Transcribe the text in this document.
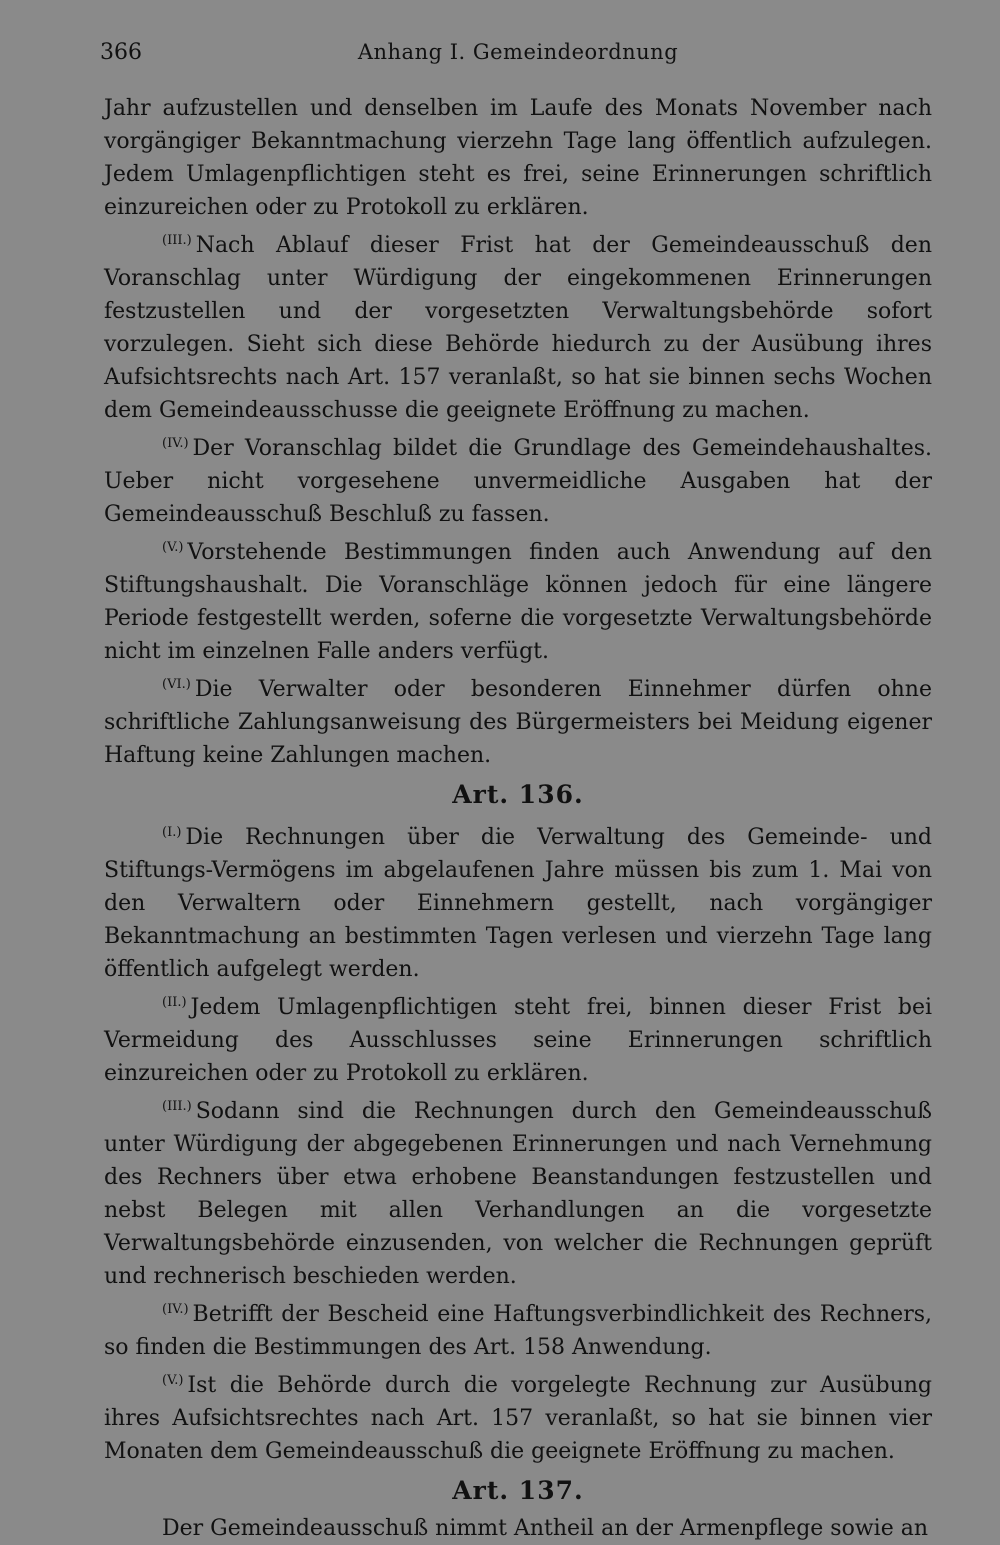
366	Anhang I. Gemeindeordnung

Jahr aufzustellen und denselben im Laufe des Monats November nach vorgängiger Bekanntmachung vierzehn Tage lang öffentlich aufzulegen. Jedem Umlagenpflichtigen steht es frei, seine Erinnerungen schriftlich einzureichen oder zu Protokoll zu erklären.

$^{(III.)}$ Nach Ablauf dieser Frist hat der Gemeindeausschuß den Voranschlag unter Würdigung der eingekommenen Erinnerungen festzustellen und der vorgesetzten Verwaltungsbehörde sofort vorzulegen. Sieht sich diese Behörde hiedurch zu der Ausübung ihres Aufsichtsrechts nach Art. 157 veranlaßt, so hat sie binnen sechs Wochen dem Gemeindeausschusse die geeignete Eröffnung zu machen.

$^{(IV.)}$ Der Voranschlag bildet die Grundlage des Gemeindehaushaltes. Ueber nicht vorgesehene unvermeidliche Ausgaben hat der Gemeindeausschuß Beschluß zu fassen.

$^{(V.)}$ Vorstehende Bestimmungen finden auch Anwendung auf den Stiftungshaushalt. Die Voranschläge können jedoch für eine längere Periode festgestellt werden, soferne die vorgesetzte Verwaltungsbehörde nicht im einzelnen Falle anders verfügt.

$^{(VI.)}$ Die Verwalter oder besonderen Einnehmer dürfen ohne schriftliche Zahlungsanweisung des Bürgermeisters bei Meidung eigener Haftung keine Zahlungen machen.

Art. 136.

$^{(I.)}$ Die Rechnungen über die Verwaltung des Gemeinde- und Stiftungs-Vermögens im abgelaufenen Jahre müssen bis zum 1. Mai von den Verwaltern oder Einnehmern gestellt, nach vorgängiger Bekanntmachung an bestimmten Tagen verlesen und vierzehn Tage lang öffentlich aufgelegt werden.

$^{(II.)}$ Jedem Umlagenpflichtigen steht frei, binnen dieser Frist bei Vermeidung des Ausschlusses seine Erinnerungen schriftlich einzureichen oder zu Protokoll zu erklären.

$^{(III.)}$ Sodann sind die Rechnungen durch den Gemeindeausschuß unter Würdigung der abgegebenen Erinnerungen und nach Vernehmung des Rechners über etwa erhobene Beanstandungen festzustellen und nebst Belegen mit allen Verhandlungen an die vorgesetzte Verwaltungsbehörde einzusenden, von welcher die Rechnungen geprüft und rechnerisch beschieden werden.

$^{(IV.)}$ Betrifft der Bescheid eine Haftungsverbindlichkeit des Rechners, so finden die Bestimmungen des Art. 158 Anwendung.

$^{(V.)}$ Ist die Behörde durch die vorgelegte Rechnung zur Ausübung ihres Aufsichtsrechtes nach Art. 157 veranlaßt, so hat sie binnen vier Monaten dem Gemeindeausschuß die geeignete Eröffnung zu machen.

Art. 137.

Der Gemeindeausschuß nimmt Antheil an der Armenpflege sowie an
